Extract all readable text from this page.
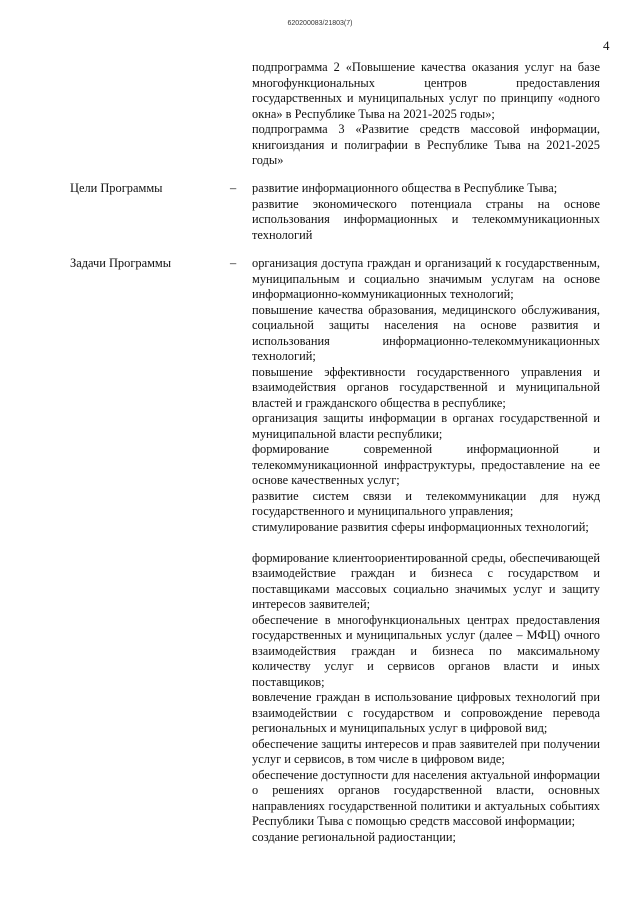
620200083/21803(7)
4

подпрограмма 2 «Повышение качества оказания услуг на базе многофункциональных центров предоставления государственных и муниципальных услуг по принципу «одного окна» в Республике Тыва на 2021-2025 годы»;

подпрограмма 3 «Развитие средств массовой информации, книгоиздания и полиграфии в Республике Тыва на 2021-2025 годы»

Цели Программы	– развитие информационного общества в Республике Тыва;

развитие экономического потенциала страны на основе использования информационных и телекоммуникационных технологий

Задачи Программы	– организация доступа граждан и организаций к государственным, муниципальным и социально значимым услугам на основе информационно-коммуникационных технологий;

повышение качества образования, медицинского обслуживания, социальной защиты населения на основе развития и использования информационно-телекоммуникационных технологий;

повышение эффективности государственного управления и взаимодействия органов государственной и муниципальной властей и гражданского общества в республике;

организация защиты информации в органах государственной и муниципальной власти республики;

формирование современной информационной и телекоммуникационной инфраструктуры, предоставление на ее основе качественных услуг;

развитие систем связи и телекоммуникации для нужд государственного и муниципального управления;

стимулирование развития сферы информационных технологий;

формирование клиентоориентированной среды, обеспечивающей взаимодействие граждан и бизнеса с государством и поставщиками массовых социально значимых услуг и защиту интересов заявителей;

обеспечение в многофункциональных центрах предоставления государственных и муниципальных услуг (далее – МФЦ) очного взаимодействия граждан и бизнеса по максимальному количеству услуг и сервисов органов власти и иных поставщиков;

вовлечение граждан в использование цифровых технологий при взаимодействии с государством и сопровождение перевода региональных и муниципальных услуг в цифровой вид;

обеспечение защиты интересов и прав заявителей при получении услуг и сервисов, в том числе в цифровом виде;

обеспечение доступности для населения актуальной информации о решениях органов государственной власти, основных направлениях государственной политики и актуальных событиях Республики Тыва с помощью средств массовой информации;

создание региональной радиостанции;
